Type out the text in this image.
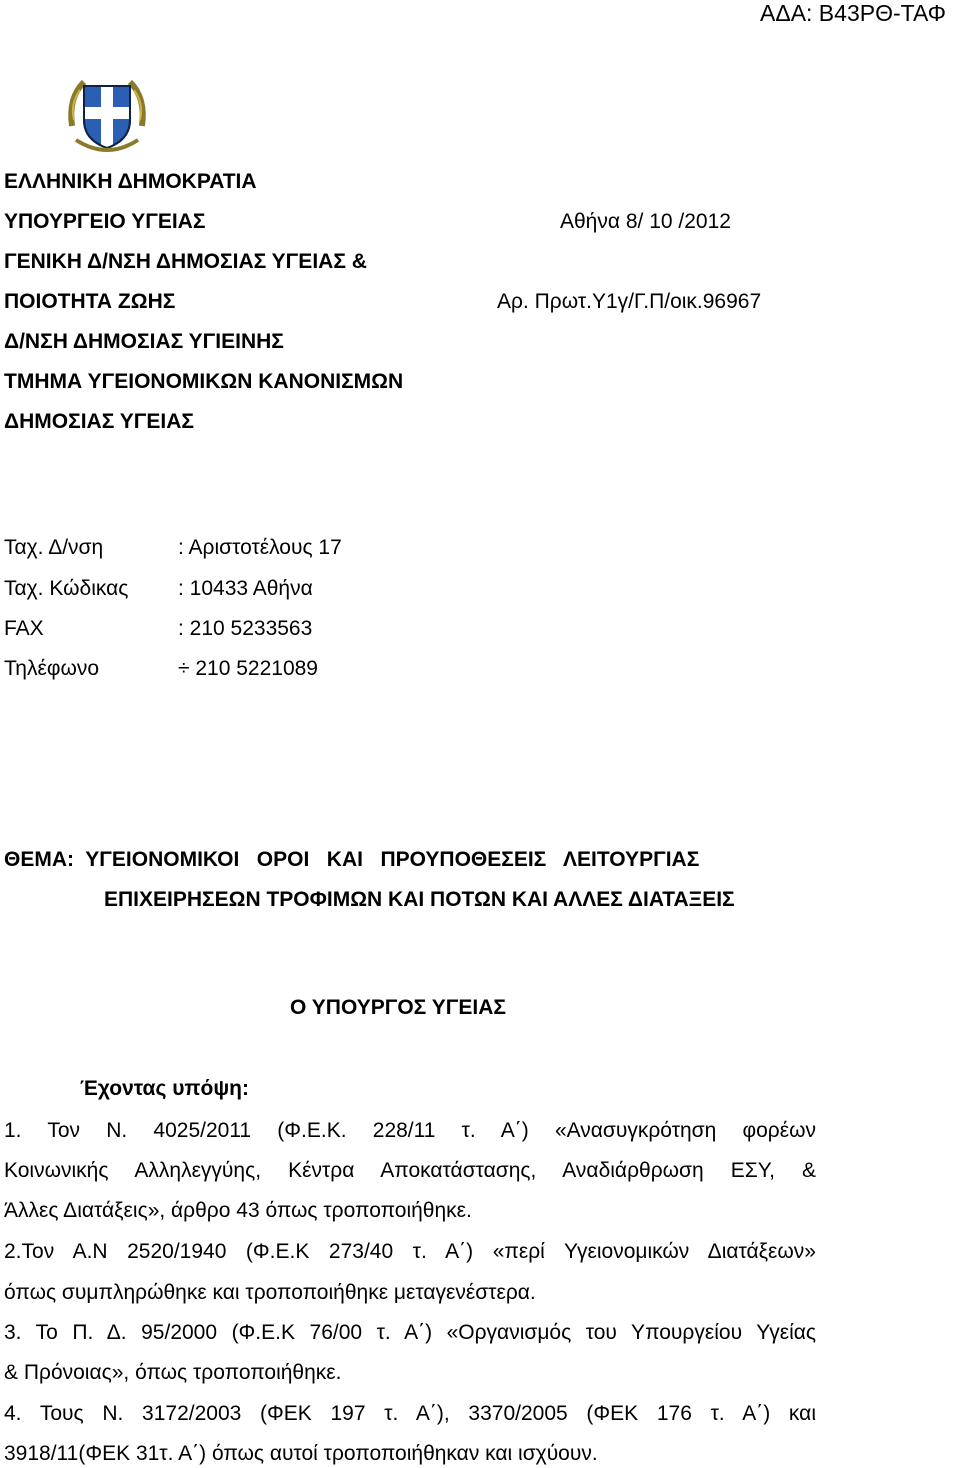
ΑΔΑ: Β43ΡΘ-ΤΑΦ
ΕΛΛΗΝΙΚΗ ΔΗΜΟΚΡΑΤΙΑ
ΥΠΟΥΡΓΕΙΟ ΥΓΕΙΑΣ	Αθήνα 8/ 10 /2012
ΓΕΝΙΚΗ Δ/ΝΣΗ ΔΗΜΟΣΙΑΣ ΥΓΕΙΑΣ &
ΠΟΙΟΤΗΤΑ ΖΩΗΣ	Αρ. Πρωτ.Υ1γ/Γ.Π/οικ.96967
Δ/ΝΣΗ ΔΗΜΟΣΙΑΣ ΥΓΙΕΙΝΗΣ
ΤΜΗΜΑ ΥΓΕΙΟΝΟΜΙΚΩΝ ΚΑΝΟΝΙΣΜΩΝ
ΔΗΜΟΣΙΑΣ ΥΓΕΙΑΣ
Ταχ. Δ/νση	: Αριστοτέλους 17
Ταχ. Κώδικας : 10433 Αθήνα
FAX	: 210 5233563
Τηλέφωνο	÷ 210 5221089
ΘΕΜΑ:  ΥΓΕΙΟΝΟΜΙΚΟΙ   ΟΡΟΙ   ΚΑΙ   ΠΡΟΥΠΟΘΕΣΕΙΣ   ΛΕΙΤΟΥΡΓΙΑΣ
ΕΠΙΧΕΙΡΗΣΕΩΝ ΤΡΟΦΙΜΩΝ ΚΑΙ ΠΟΤΩΝ ΚΑΙ ΑΛΛΕΣ ΔΙΑΤΑΞΕΙΣ
Ο ΥΠΟΥΡΓΟΣ ΥΓΕΙΑΣ
Έχοντας υπόψη:
1. Τον Ν. 4025/2011 (Φ.Ε.Κ. 228/11 τ. Α΄) «Ανασυγκρότηση φορέων
Κοινωνικής Αλληλεγγύης, Κέντρα Αποκατάστασης, Αναδιάρθρωση ΕΣΥ, &
Άλλες Διατάξεις», άρθρο 43 όπως τροποποιήθηκε.
2.Τον Α.Ν 2520/1940 (Φ.Ε.Κ 273/40 τ. Α΄) «περί Υγειονομικών Διατάξεων»
όπως συμπληρώθηκε και τροποποιήθηκε μεταγενέστερα.
3. Το Π. Δ. 95/2000 (Φ.Ε.Κ 76/00 τ. Α΄) «Οργανισμός του Υπουργείου Υγείας
& Πρόνοιας», όπως τροποποιήθηκε.
4. Τους Ν. 3172/2003 (ΦΕΚ 197 τ. Α΄), 3370/2005 (ΦΕΚ 176 τ. Α΄) και
3918/11(ΦΕΚ 31τ. Α΄) όπως αυτοί τροποποιήθηκαν και ισχύουν.
